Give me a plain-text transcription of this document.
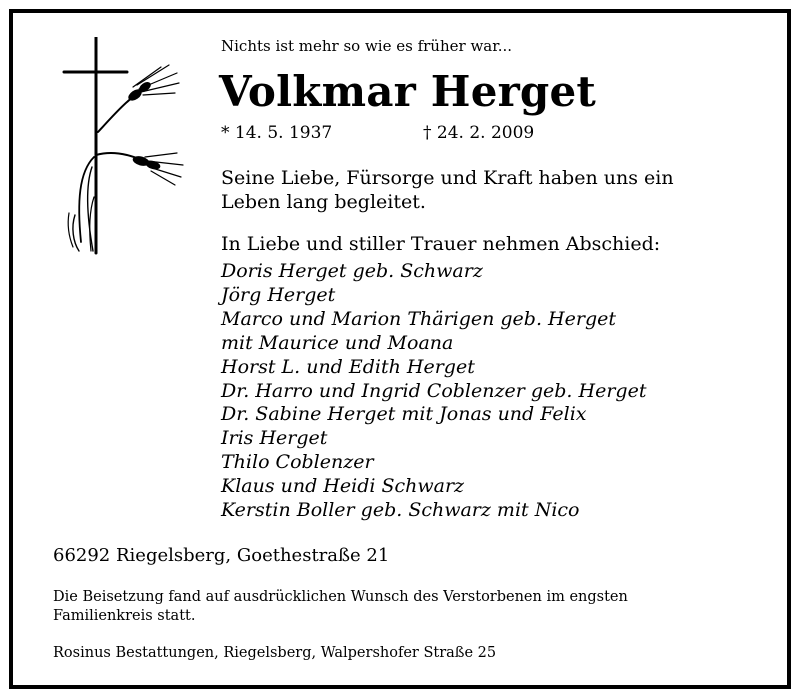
Nichts ist mehr so wie es früher war...
Volkmar Herget
* 14. 5. 1937	† 24. 2. 2009
Seine Liebe, Fürsorge und Kraft haben uns ein
Leben lang begleitet.
In Liebe und stiller Trauer nehmen Abschied:
Doris Herget geb. Schwarz
Jörg Herget
Marco und Marion Thärigen geb. Herget
mit Maurice und Moana
Horst L. und Edith Herget
Dr. Harro und Ingrid Coblenzer geb. Herget
Dr. Sabine Herget mit Jonas und Felix
Iris Herget
Thilo Coblenzer
Klaus und Heidi Schwarz
Kerstin Boller geb. Schwarz mit Nico
66292 Riegelsberg, Goethestraße 21
Die Beisetzung fand auf ausdrücklichen Wunsch des Verstorbenen im engsten
Familienkreis statt.
Rosinus Bestattungen, Riegelsberg, Walpershofer Straße 25
